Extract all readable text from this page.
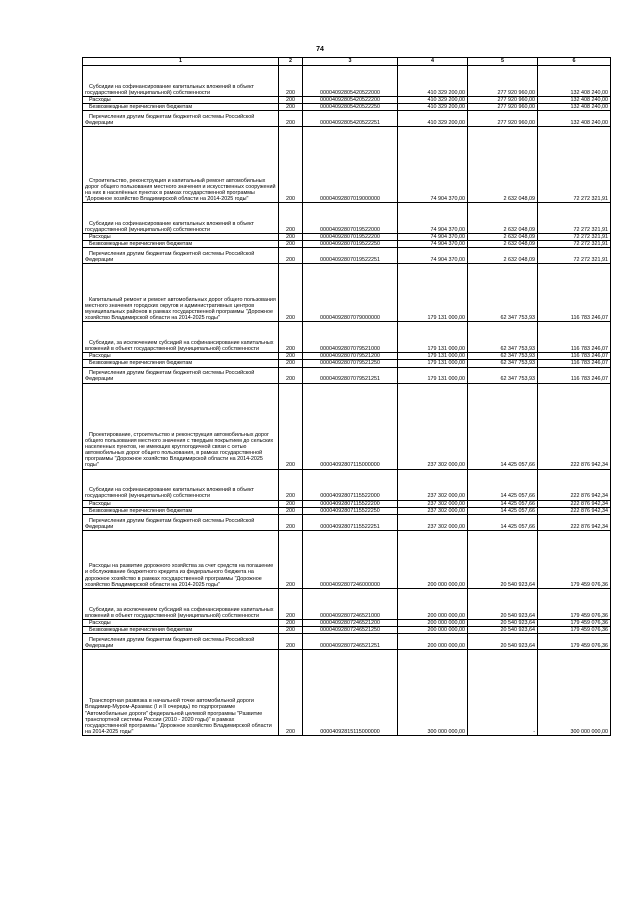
74
1	2	3	4	5	6
Субсидии на софинансирование капитальных вложений в объект государственной (муниципальной) собственности	200	00004092805420522000	410 329 200,00	277 920 960,00	132 408 240,00
Расходы	200	00004092805420522200	410 329 200,00	277 920 960,00	132 408 240,00
Безвозмездные перечисления бюджетам	200	00004092805420522250	410 329 200,00	277 920 960,00	132 408 240,00
Перечисления другим бюджетам бюджетной системы Российской Федерации	200	00004092805420522251	410 329 200,00	277 920 960,00	132 408 240,00
Строительство, реконструкция и капитальный ремонт автомобильных дорог общего пользования местного значения и искусственных сооружений на них в населённых пунктах в рамках государственной программы "Дорожное хозяйство Владимирской области на 2014-2025 годы"	200	00004092807019000000	74 904 370,00	2 632 048,09	72 272 321,91
Субсидии на софинансирование капитальных вложений в объект государственной (муниципальной) собственности	200	00004092807019522000	74 904 370,00	2 632 048,09	72 272 321,91
Расходы	200	00004092807019522200	74 904 370,00	2 632 048,09	72 272 321,91
Безвозмездные перечисления бюджетам	200	00004092807019522250	74 904 370,00	2 632 048,09	72 272 321,91
Перечисления другим бюджетам бюджетной системы Российской Федерации	200	00004092807019522251	74 904 370,00	2 632 048,09	72 272 321,91
Капитальный ремонт и ремонт автомобильных дорог общего пользования местного значения городских округов и административных центров муниципальных районов в рамках государственной программы "Дорожное хозяйство Владимирской области на 2014-2025 годы"	200	00004092807079000000	179 131 000,00	62 347 753,93	116 783 246,07
Субсидии, за исключением субсидий на софинансирование капитальных вложений в объект государственной (муниципальной) собственности	200	00004092807079521000	179 131 000,00	62 347 753,93	116 783 246,07
Расходы	200	00004092807079521200	179 131 000,00	62 347 753,93	116 783 246,07
Безвозмездные перечисления бюджетам	200	00004092807079521250	179 131 000,00	62 347 753,93	116 783 246,07
Перечисления другим бюджетам бюджетной системы Российской Федерации	200	00004092807079521251	179 131 000,00	62 347 753,93	116 783 246,07
Проектирование, строительство и реконструкция автомобильных дорог общего пользования местного значения с твердым покрытием до сельских населенных пунктов, не имеющих круглогодичной связи с сетью автомобильных дорог общего пользования, в рамках государственной программы "Дорожное хозяйство Владимирской области на 2014-2025 годы"	200	00004092807115000000	237 302 000,00	14 425 057,66	222 876 942,34
Субсидии на софинансирование капитальных вложений в объект государственной (муниципальной) собственности	200	00004092807115522000	237 302 000,00	14 425 057,66	222 876 942,34
Расходы	200	00004092807115522200	237 302 000,00	14 425 057,66	222 876 942,34
Безвозмездные перечисления бюджетам	200	00004092807115522250	237 302 000,00	14 425 057,66	222 876 942,34
Перечисления другим бюджетам бюджетной системы Российской Федерации	200	00004092807115522251	237 302 000,00	14 425 057,66	222 876 942,34
Расходы на развитие дорожного хозяйства за счет средств на погашение и обслуживание бюджетного кредита из федерального бюджета на дорожное хозяйство в рамках государственной программы "Дорожное хозяйство Владимирской области на 2014-2025 годы"	200	00004092807246000000	200 000 000,00	20 540 923,64	179 459 076,36
Субсидии, за исключением субсидий на софинансирование капитальных вложений в объект государственной (муниципальной) собственности	200	00004092807246521000	200 000 000,00	20 540 923,64	179 459 076,36
Расходы	200	00004092807246521200	200 000 000,00	20 540 923,64	179 459 076,36
Безвозмездные перечисления бюджетам	200	00004092807246521250	200 000 000,00	20 540 923,64	179 459 076,36
Перечисления другим бюджетам бюджетной системы Российской Федерации	200	00004092807246521251	200 000 000,00	20 540 923,64	179 459 076,36
Транспортная развязка в начальной точке автомобильной дороги Владимир-Муром-Арзамас (I и II очередь) по подпрограмме "Автомобильные дороги" федеральной целевой программы "Развитие транспортной системы России (2010 - 2020 годы)" в рамках государственной программы "Дорожное хозяйство Владимирской области на 2014-2025 годы"	200	00004092815115000000	300 000 000,00	-	300 000 000,00
